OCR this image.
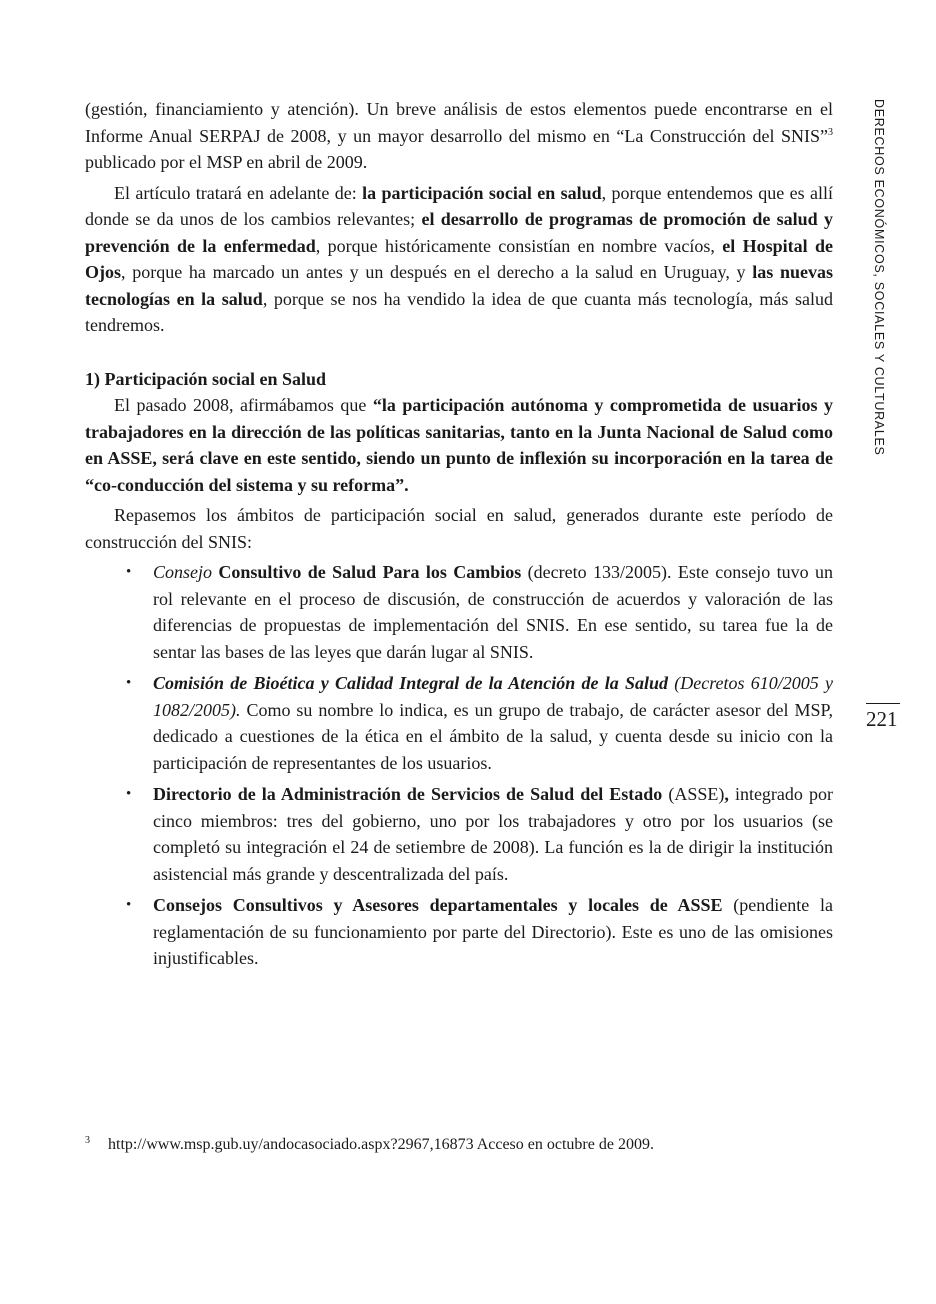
DERECHOS ECONÓMICOS, SOCIALES Y CULTURALES
221

(gestión, financiamiento y atención). Un breve análisis de estos elementos puede encontrarse en el Informe Anual SERPAJ de 2008, y un mayor desarrollo del mismo en “La Construcción del SNIS”$^3$ publicado por el MSP en abril de 2009.

El artículo tratará en adelante de: la participación social en salud, porque entendemos que es allí donde se da unos de los cambios relevantes; el desarrollo de programas de promoción de salud y prevención de la enfermedad, porque históricamente consistían en nombre vacíos, el Hospital de Ojos, porque ha marcado un antes y un después en el derecho a la salud en Uruguay, y las nuevas tecnologías en la salud, porque se nos ha vendido la idea de que cuanta más tecnología, más salud tendremos.

1) Participación social en Salud

El pasado 2008, afirmábamos que “la participación autónoma y comprometida de usuarios y trabajadores en la dirección de las políticas sanitarias, tanto en la Junta Nacional de Salud como en ASSE, será clave en este sentido, siendo un punto de inflexión su incorporación en la tarea de “co-conducción del sistema y su reforma”.

Repasemos los ámbitos de participación social en salud, generados durante este período de construcción del SNIS:

• Consejo Consultivo de Salud Para los Cambios (decreto 133/2005). Este consejo tuvo un rol relevante en el proceso de discusión, de construcción de acuerdos y valoración de las diferencias de propuestas de implementación del SNIS. En ese sentido, su tarea fue la de sentar las bases de las leyes que darán lugar al SNIS.
• Comisión de Bioética y Calidad Integral de la Atención de la Salud (Decretos 610/2005 y 1082/2005). Como su nombre lo indica, es un grupo de trabajo, de carácter asesor del MSP, dedicado a cuestiones de la ética en el ámbito de la salud, y cuenta desde su inicio con la participación de representantes de los usuarios.
• Directorio de la Administración de Servicios de Salud del Estado (ASSE), integrado por cinco miembros: tres del gobierno, uno por los trabajadores y otro por los usuarios (se completó su integración el 24 de setiembre de 2008). La función es la de dirigir la institución asistencial más grande y descentralizada del país.
• Consejos Consultivos y Asesores departamentales y locales de ASSE (pendiente la reglamentación de su funcionamiento por parte del Directorio). Este es uno de las omisiones injustificables.
3 http://www.msp.gub.uy/andocasociado.aspx?2967,16873 Acceso en octubre de 2009.
